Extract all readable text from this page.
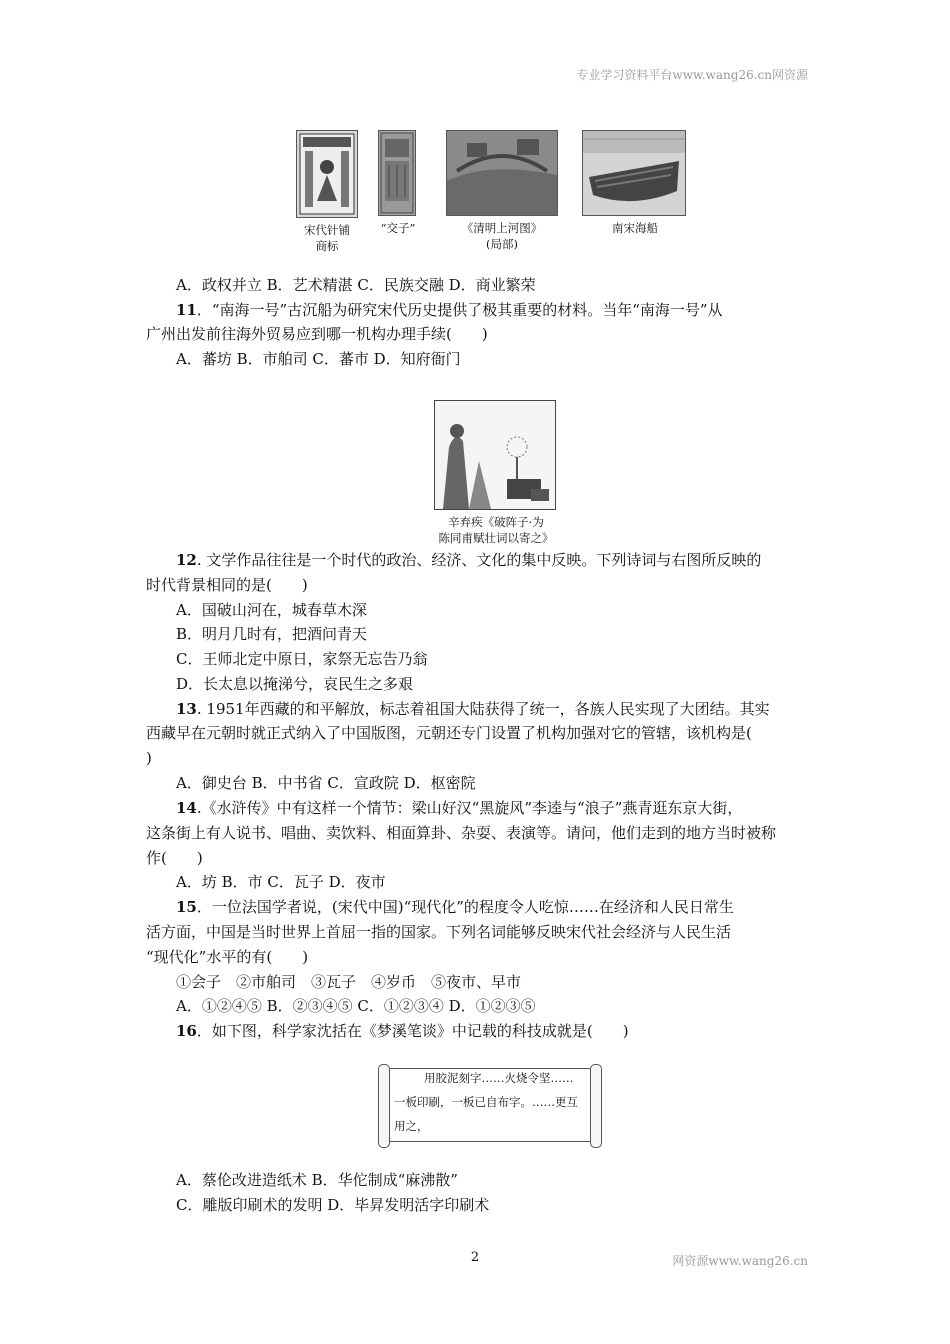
专业学习资料平台www.wang26.cn网资源
宋代针铺
商标
“交子”	《清明上河图》
(局部)
南宋海船
A．政权并立 B．艺术精湛 C．民族交融 D．商业繁荣
11．“南海一号”古沉船为研究宋代历史提供了极其重要的材料。当年“南海一号”从
广州出发前往海外贸易应到哪一机构办理手续(　　)
A．蕃坊 B．市舶司 C．蕃市 D．知府衙门
辛弃疾《破阵子·为
陈同甫赋壮词以寄之》
12. 文学作品往往是一个时代的政治、经济、文化的集中反映。下列诗词与右图所反映的
时代背景相同的是(　　)
A．国破山河在，城春草木深
B．明月几时有，把酒问青天
C．王师北定中原日，家祭无忘告乃翁
D．长太息以掩涕兮，哀民生之多艰
13. 1951年西藏的和平解放，标志着祖国大陆获得了统一，各族人民实现了大团结。其实
西藏早在元朝时就正式纳入了中国版图，元朝还专门设置了机构加强对它的管辖，该机构是(
)
A．御史台 B．中书省 C．宣政院 D．枢密院
14.《水浒传》中有这样一个情节：梁山好汉“黑旋风”李逵与“浪子”燕青逛东京大街，
这条街上有人说书、唱曲、卖饮料、相面算卦、杂耍、表演等。请问，他们走到的地方当时被称
作(　　)
A．坊 B．市 C．瓦子 D．夜市
15．一位法国学者说，(宋代中国)“现代化”的程度令人吃惊……在经济和人民日常生
活方面，中国是当时世界上首屈一指的国家。下列名词能够反映宋代社会经济与人民生活
“现代化”水平的有(　　)
①会子　②市舶司　③瓦子　④岁币　⑤夜市、早市
A．①②④⑤ B．②③④⑤ C．①②③④ D．①②③⑤
16．如下图，科学家沈括在《梦溪笔谈》中记载的科技成就是(　　)
用胶泥刻字……火烧令坚……
一板印刷，一板已自布字。……更互
用之，
A．蔡伦改进造纸术 B．华佗制成“麻沸散”
C．雕版印刷术的发明 D．毕昇发明活字印刷术
2	网资源www.wang26.cn
